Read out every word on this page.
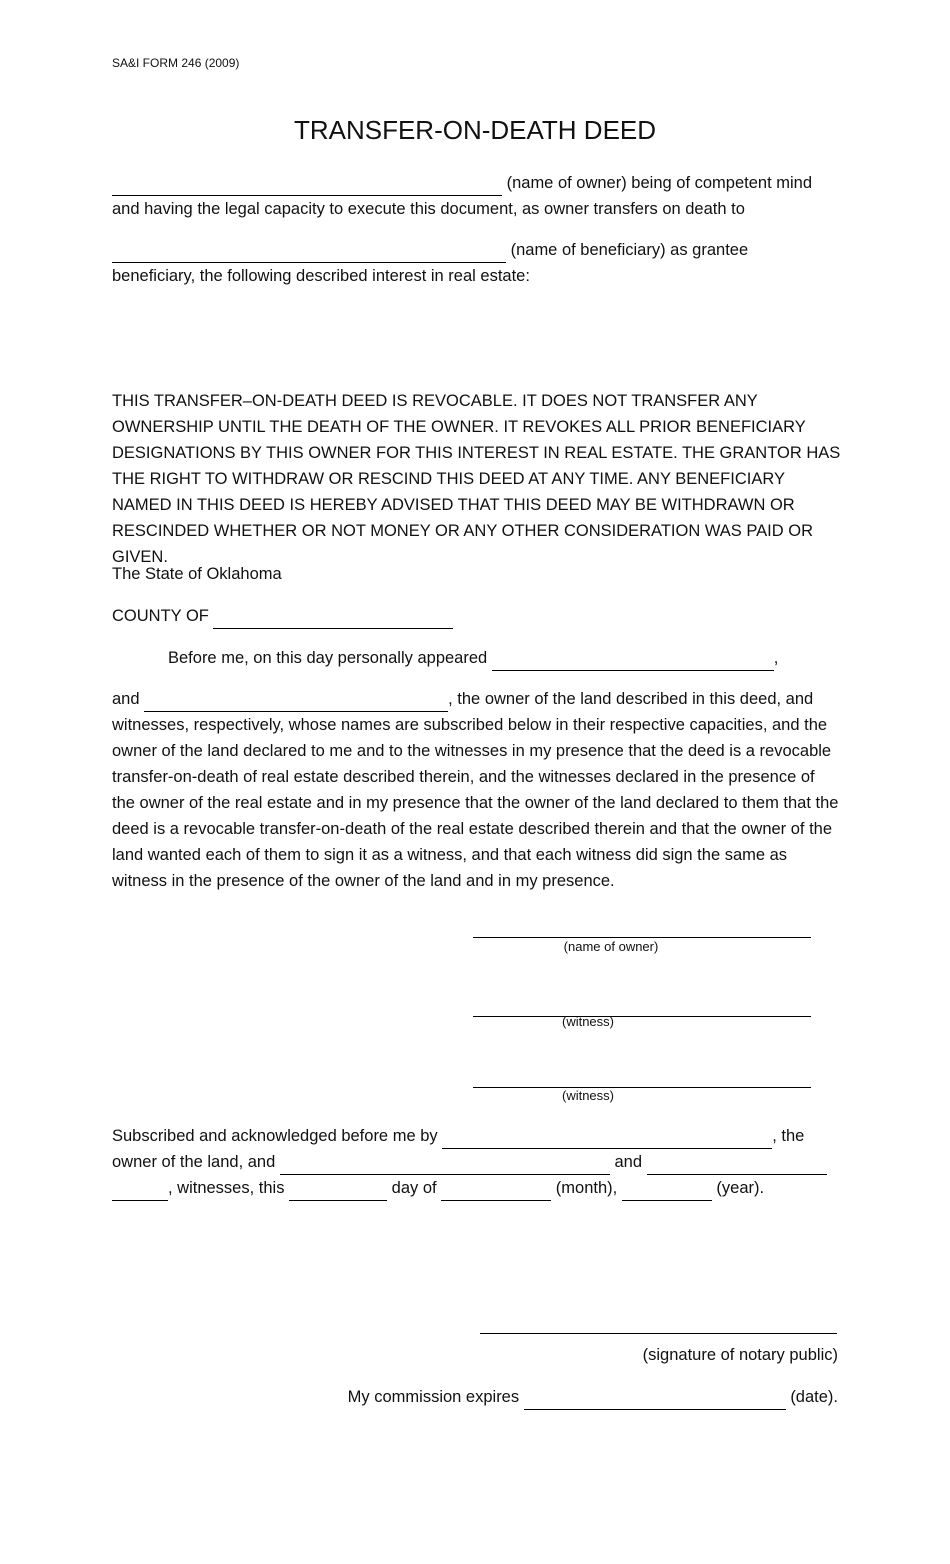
SA&I FORM 246 (2009)
TRANSFER-ON-DEATH DEED
(name of owner) being of competent mind
and having the legal capacity to execute this document, as owner transfers on death to
(name of beneficiary) as grantee
beneficiary, the following described interest in real estate:
THIS TRANSFER–ON-DEATH DEED IS REVOCABLE. IT DOES NOT TRANSFER ANY OWNERSHIP UNTIL THE DEATH OF THE OWNER. IT REVOKES ALL PRIOR BENEFICIARY DESIGNATIONS BY THIS OWNER FOR THIS INTEREST IN REAL ESTATE. THE GRANTOR HAS THE RIGHT TO WITHDRAW OR RESCIND THIS DEED AT ANY TIME. ANY BENEFICIARY NAMED IN THIS DEED IS HEREBY ADVISED THAT THIS DEED MAY BE WITHDRAWN OR RESCINDED WHETHER OR NOT MONEY OR ANY OTHER CONSIDERATION WAS PAID OR GIVEN.
The State of Oklahoma
COUNTY OF
Before me, on this day personally appeared	,
and	, the owner of the land described in this deed, and
witnesses, respectively, whose names are subscribed below in their respective capacities, and the owner of the land declared to me and to the witnesses in my presence that the deed is a revocable transfer-on-death of real estate described therein, and the witnesses declared in the presence of the owner of the real estate and in my presence that the owner of the land declared to them that the deed is a revocable transfer-on-death of the real estate described therein and that the owner of the land wanted each of them to sign it as a witness, and that each witness did sign the same as witness in the presence of the owner of the land and in my presence.
(name of owner)
(witness)
(witness)
Subscribed and acknowledged before me by	, the
owner of the land, and	and
, witnesses, this	day of	(month),	(year).
(signature of notary public)
My commission expires	(date).
